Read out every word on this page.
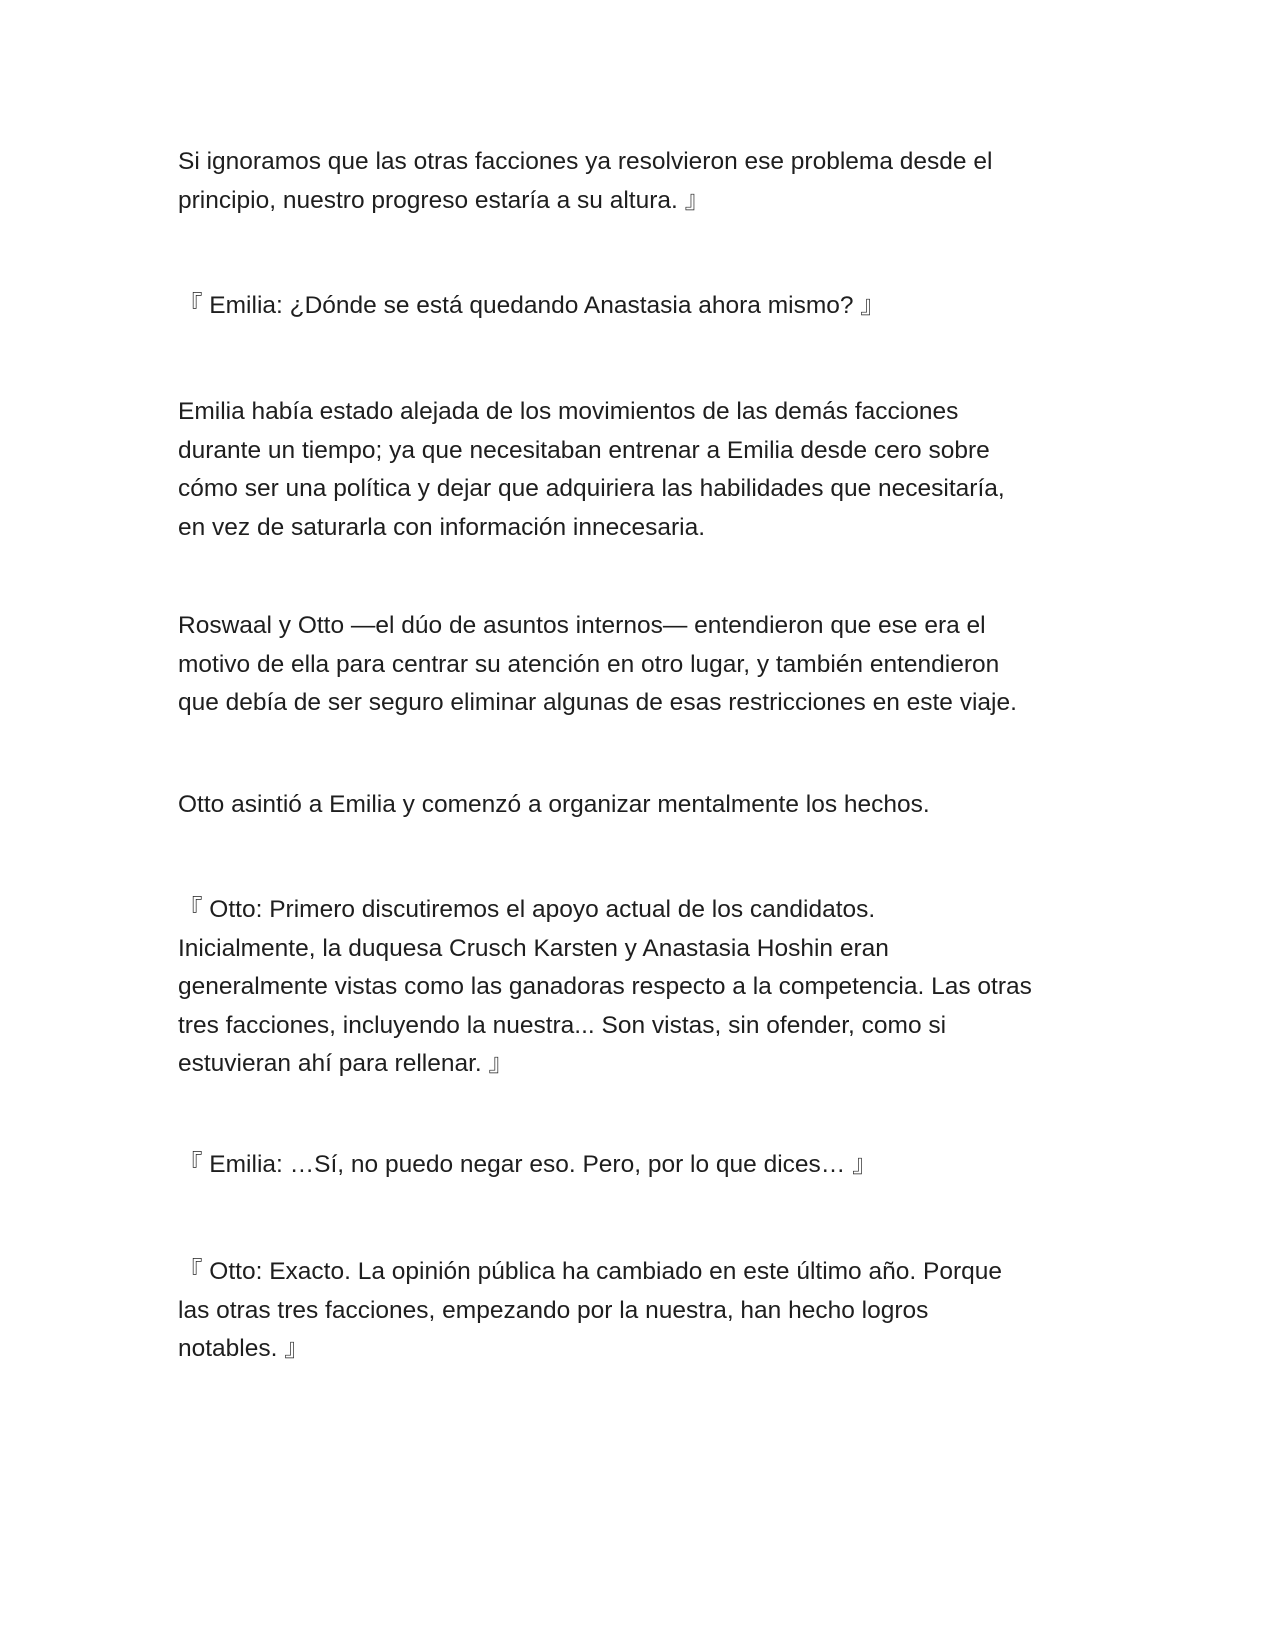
Si ignoramos que las otras facciones ya resolvieron ese problema desde el
principio, nuestro progreso estaría a su altura. 』

『 Emilia: ¿Dónde se está quedando Anastasia ahora mismo? 』

Emilia había estado alejada de los movimientos de las demás facciones
durante un tiempo; ya que necesitaban entrenar a Emilia desde cero sobre
cómo ser una política y dejar que adquiriera las habilidades que necesitaría,
en vez de saturarla con información innecesaria.

Roswaal y Otto —el dúo de asuntos internos— entendieron que ese era el
motivo de ella para centrar su atención en otro lugar, y también entendieron
que debía de ser seguro eliminar algunas de esas restricciones en este viaje.

Otto asintió a Emilia y comenzó a organizar mentalmente los hechos.

『 Otto: Primero discutiremos el apoyo actual de los candidatos.
Inicialmente, la duquesa Crusch Karsten y Anastasia Hoshin eran
generalmente vistas como las ganadoras respecto a la competencia. Las otras
tres facciones, incluyendo la nuestra... Son vistas, sin ofender, como si
estuvieran ahí para rellenar. 』

『 Emilia: …Sí, no puedo negar eso. Pero, por lo que dices… 』

『 Otto: Exacto. La opinión pública ha cambiado en este último año. Porque
las otras tres facciones, empezando por la nuestra, han hecho logros
notables. 』
